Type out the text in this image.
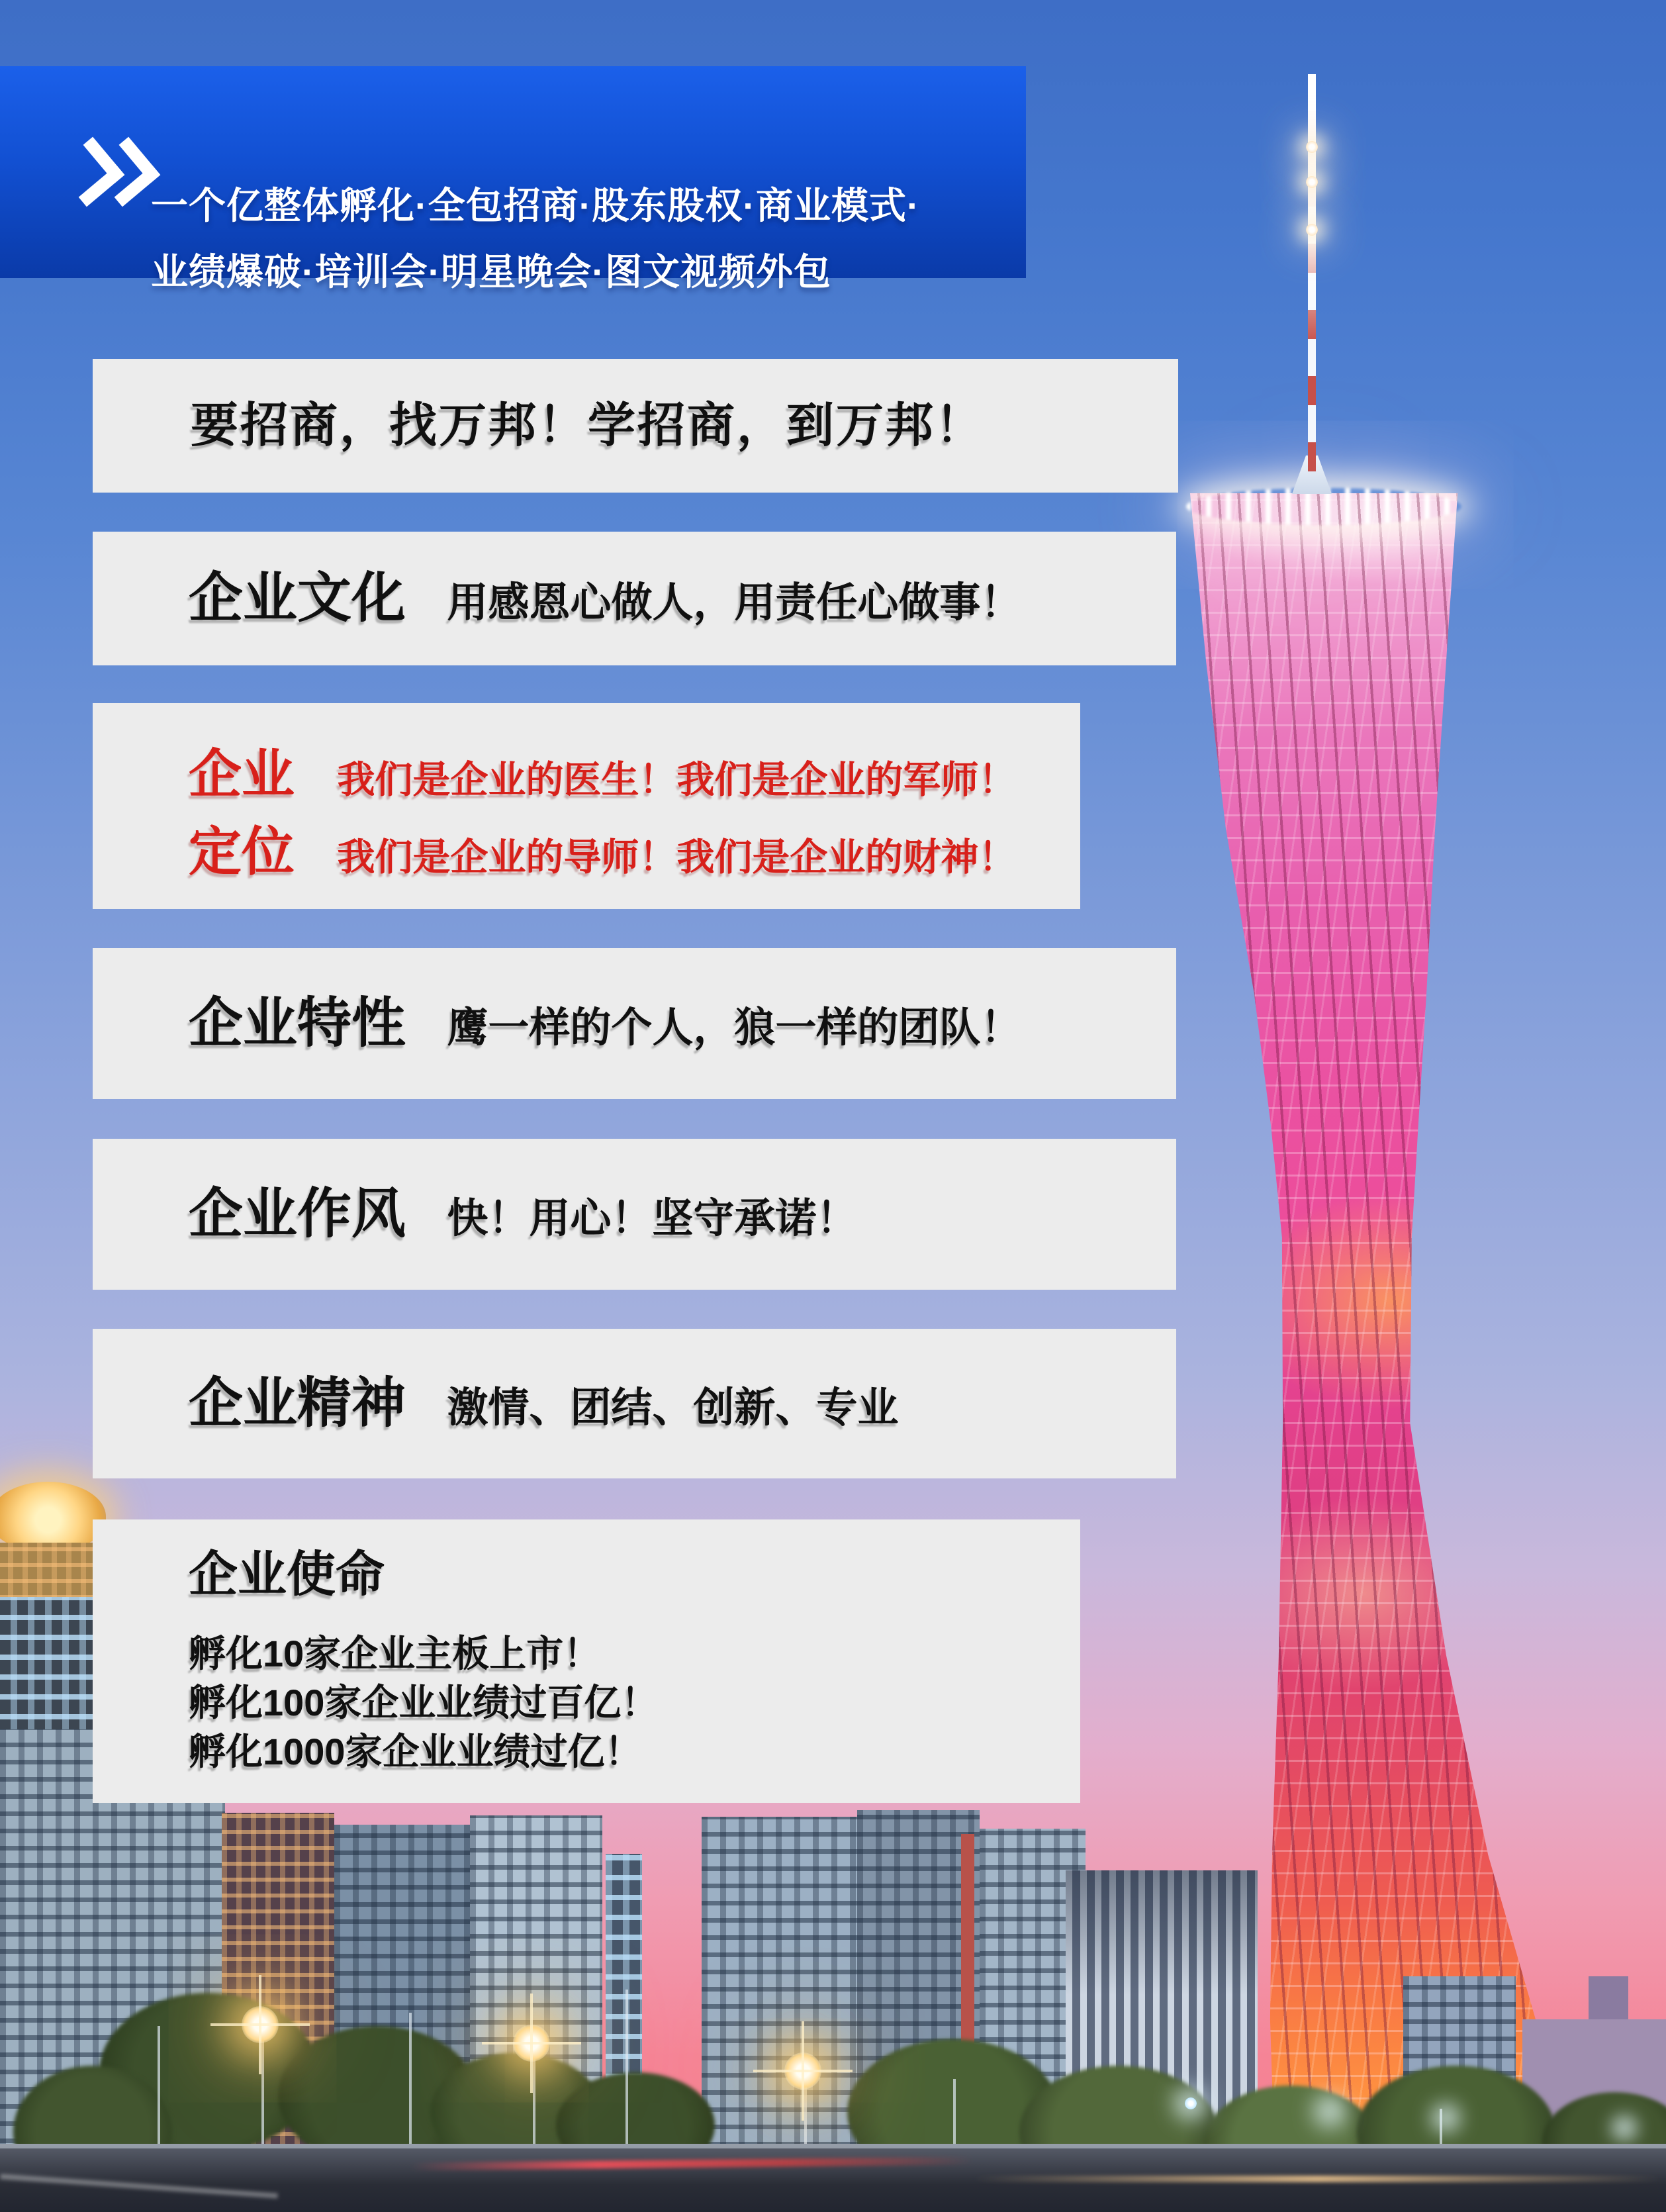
一个亿整体孵化·全包招商·股东股权·商业模式·
业绩爆破·培训会·明星晚会·图文视频外包
要招商，找万邦！学招商，到万邦！
企业文化 用感恩心做人，用责任心做事！
企业 我们是企业的医生！我们是企业的军师！
定位 我们是企业的导师！我们是企业的财神！
企业特性 鹰一样的个人，狼一样的团队！
企业作风 快！用心！坚守承诺！
企业精神 激情、团结、创新、专业
企业使命
孵化10家企业主板上市！
孵化100家企业业绩过百亿！
孵化1000家企业业绩过亿！
